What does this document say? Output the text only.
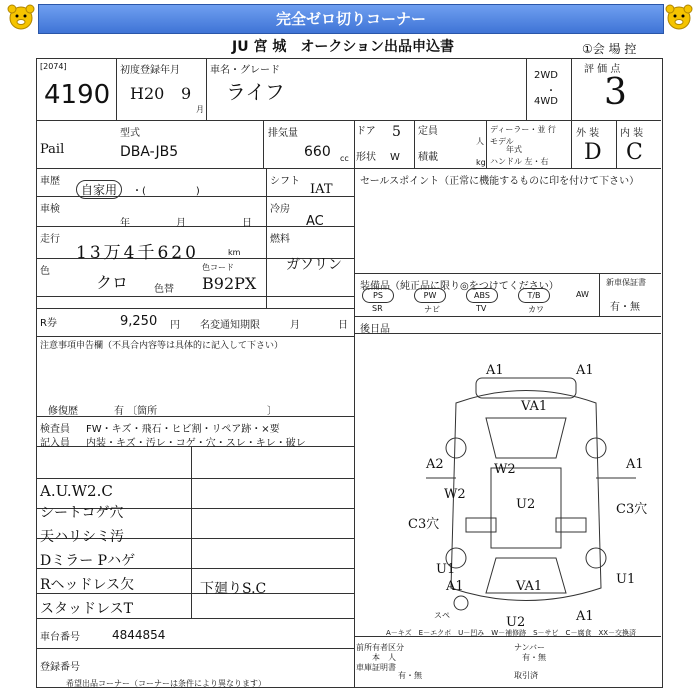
完全ゼロ切りコーナー
JU 宮 城　オークション出品申込書	①会 場 控
[2074]
4190
初度登録年月
H20 9
月
車名・グレード
ライフ
2WD
・
4WD
評 価 点
3
型式
Pail	DBA-JB5
排気量
660 cc
ドア 5
形状 W
定員
人
積載	kg
ディーラー・並 行
モデル
年式
ハンドル 左・右
外 装 内 装
D C
車歴
自家用	・(　　　　　)
シフト
IAT
車検
年	月	日
冷房
AC
走行
13万4千620	km
燃料
ガソリン
色
クロ	色替
色コード
B92PX
R券	9,250 円 名変通知期限	月	日
注意事項申告欄（不具合内容等は具体的に記入して下さい）
修復歴	有 〔箇所　　　　　　　　　　　〕
検査員
記入員
FW・キズ・飛石・ヒビ割・リペア跡・×要
内装・キズ・汚レ・コゲ・穴・スレ・キレ・破レ
A.U.W2.C
シートコゲ穴
天ハリシミ汚
Dミラー Pハゲ
Rヘッドレス欠
スタッドレスT
下廻りS.C
車台番号	4844854
登録番号
希望出品コーナー（コーナーは条件により異なります）
セールスポイント（正常に機能するものに印を付けて下さい）
装備品（純正品に限り◎をつけてください）	新車保証書
有・無
PS	PW	ABS	T/B	AW
SR	ナビ	TV	カワ
後日品
A－キズ　E－エクボ　U－凹み　W－補修跡　S－サビ　C－腐食　XX－交換済
前所有者区分
本　人
車庫証明書
有・無
ナンバー
有・無
取引済
A1	A1
VA1
W2
A2
U2
W2
C3穴
A1
C3穴
U1
A1	VA1	U1
U2	A1
スペ
